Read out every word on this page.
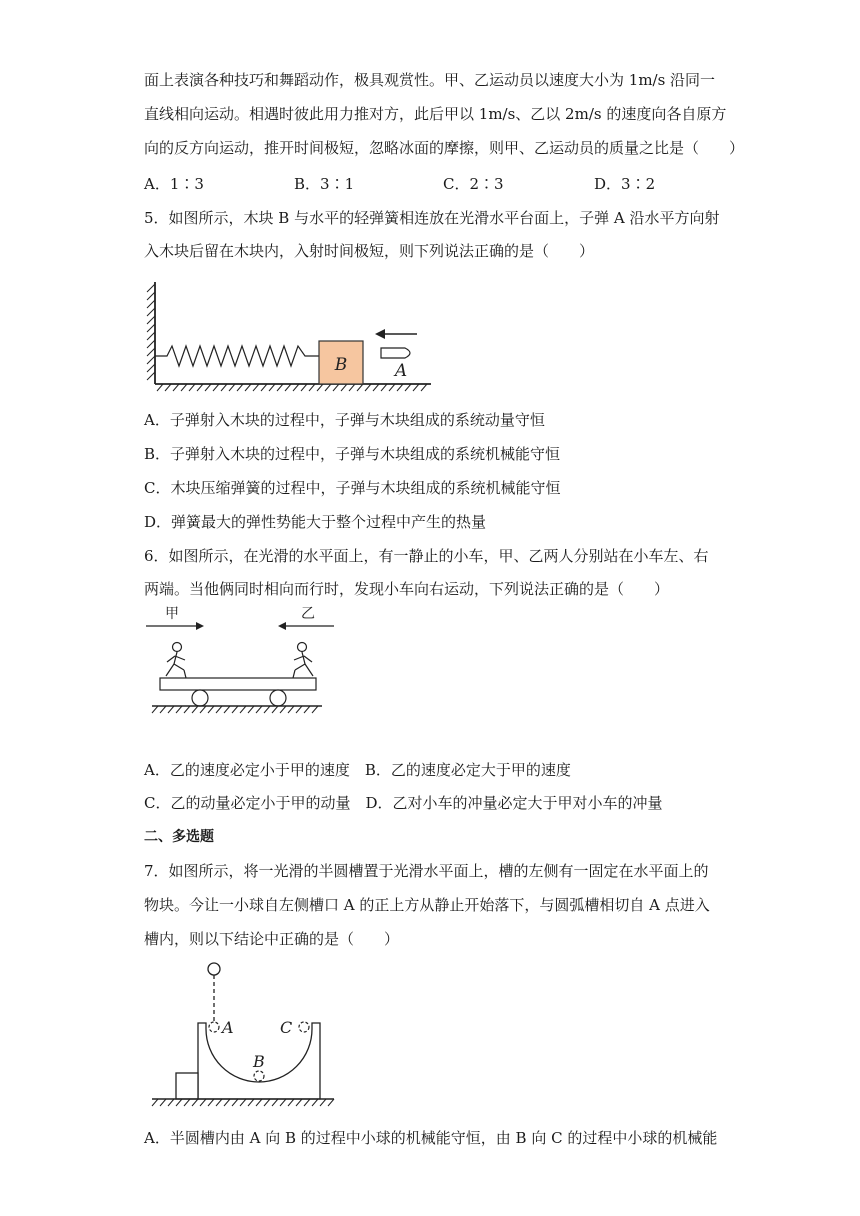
面上表演各种技巧和舞蹈动作，极具观赏性。甲、乙运动员以速度大小为 1m/s 沿同一
直线相向运动。相遇时彼此用力推对方，此后甲以 1m/s、乙以 2m/s 的速度向各自原方
向的反方向运动，推开时间极短，忽略冰面的摩擦，则甲、乙运动员的质量之比是（　　）
A．1∶3	B．3∶1	C．2∶3	D．3∶2
5．如图所示，木块 B 与水平的轻弹簧相连放在光滑水平台面上，子弹 A 沿水平方向射
入木块后留在木块内，入射时间极短，则下列说法正确的是（　　）
B	A
A．子弹射入木块的过程中，子弹与木块组成的系统动量守恒
B．子弹射入木块的过程中，子弹与木块组成的系统机械能守恒
C．木块压缩弹簧的过程中，子弹与木块组成的系统机械能守恒
D．弹簧最大的弹性势能大于整个过程中产生的热量
6．如图所示，在光滑的水平面上，有一静止的小车，甲、乙两人分别站在小车左、右
两端。当他俩同时相向而行时，发现小车向右运动，下列说法正确的是（　　）
甲	乙
A．乙的速度必定小于甲的速度　B．乙的速度必定大于甲的速度
C．乙的动量必定小于甲的动量　D．乙对小车的冲量必定大于甲对小车的冲量
二、多选题
7．如图所示，将一光滑的半圆槽置于光滑水平面上，槽的左侧有一固定在水平面上的
物块。今让一小球自左侧槽口 A 的正上方从静止开始落下，与圆弧槽相切自 A 点进入
槽内，则以下结论中正确的是（　　）
A
B
C
A．半圆槽内由 A 向 B 的过程中小球的机械能守恒，由 B 向 C 的过程中小球的机械能
